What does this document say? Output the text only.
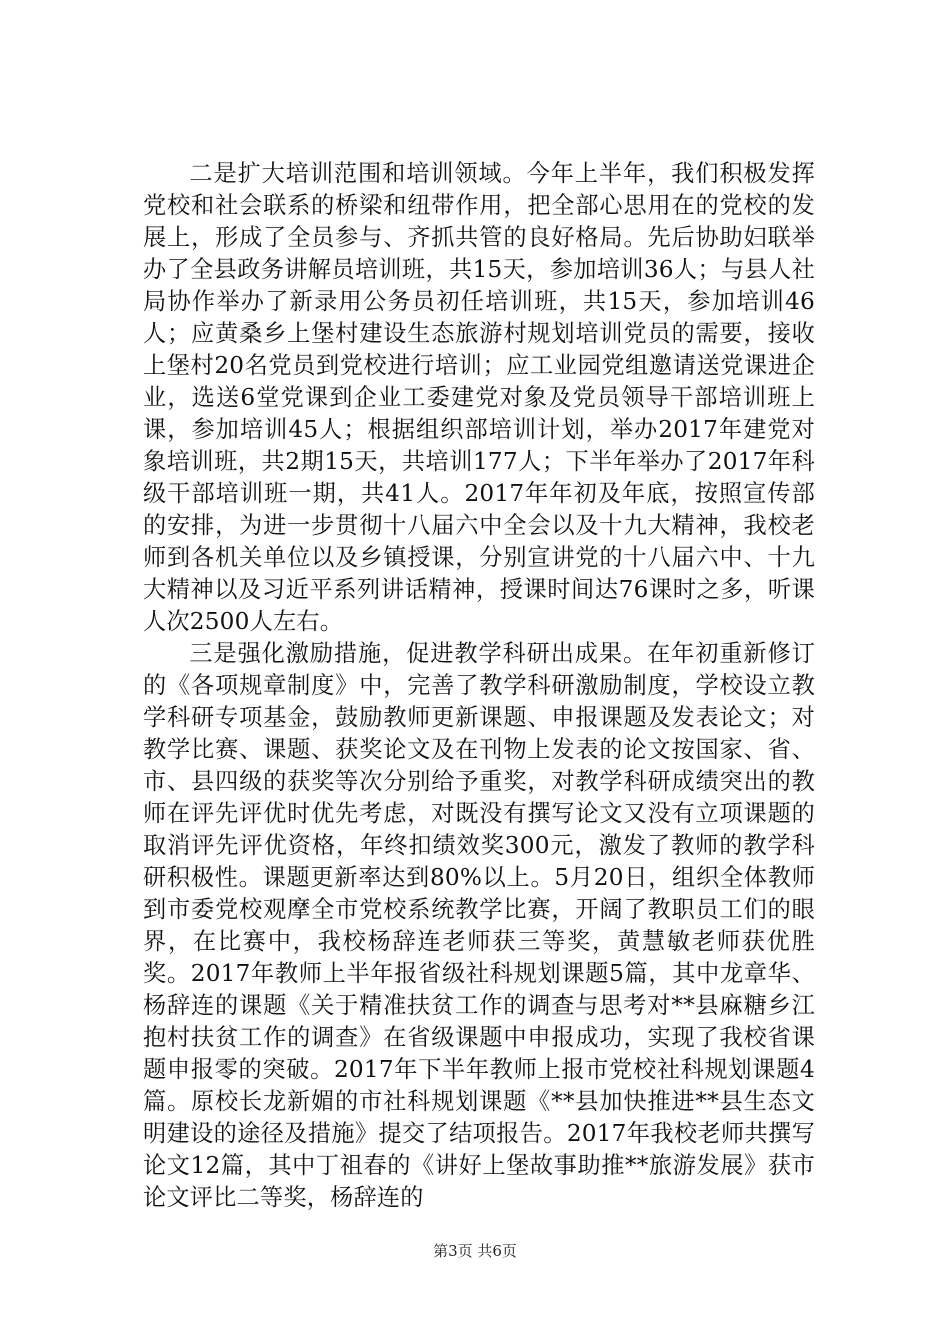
二是扩大培训范围和培训领域。今年上半年，我们积极发挥党校和社会联系的桥梁和纽带作用，把全部心思用在的党校的发展上，形成了全员参与、齐抓共管的良好格局。先后协助妇联举办了全县政务讲解员培训班，共15天，参加培训36人；与县人社局协作举办了新录用公务员初任培训班，共15天，参加培训46人；应黄桑乡上堡村建设生态旅游村规划培训党员的需要，接收上堡村20名党员到党校进行培训；应工业园党组邀请送党课进企业，选送6堂党课到企业工委建党对象及党员领导干部培训班上课，参加培训45人；根据组织部培训计划，举办2017年建党对象培训班，共2期15天，共培训177人；下半年举办了2017年科级干部培训班一期，共41人。2017年年初及年底，按照宣传部的安排，为进一步贯彻十八届六中全会以及十九大精神，我校老师到各机关单位以及乡镇授课，分别宣讲党的十八届六中、十九大精神以及习近平系列讲话精神，授课时间达76课时之多，听课人次2500人左右。

三是强化激励措施，促进教学科研出成果。在年初重新修订的《各项规章制度》中，完善了教学科研激励制度，学校设立教学科研专项基金，鼓励教师更新课题、申报课题及发表论文；对教学比赛、课题、获奖论文及在刊物上发表的论文按国家、省、市、县四级的获奖等次分别给予重奖，对教学科研成绩突出的教师在评先评优时优先考虑，对既没有撰写论文又没有立项课题的取消评先评优资格，年终扣绩效奖300元，激发了教师的教学科研积极性。课题更新率达到80%以上。5月20日，组织全体教师到市委党校观摩全市党校系统教学比赛，开阔了教职员工们的眼界，在比赛中，我校杨辞连老师获三等奖，黄慧敏老师获优胜奖。2017年教师上半年报省级社科规划课题5篇，其中龙章华、杨辞连的课题《关于精准扶贫工作的调查与思考对**县麻糖乡江抱村扶贫工作的调查》在省级课题中申报成功，实现了我校省课题申报零的突破。2017年下半年教师上报市党校社科规划课题4篇。原校长龙新媚的市社科规划课题《**县加快推进**县生态文明建设的途径及措施》提交了结项报告。2017年我校老师共撰写论文12篇，其中丁祖春的《讲好上堡故事助推**旅游发展》获市论文评比二等奖，杨辞连的

第3页 共6页
